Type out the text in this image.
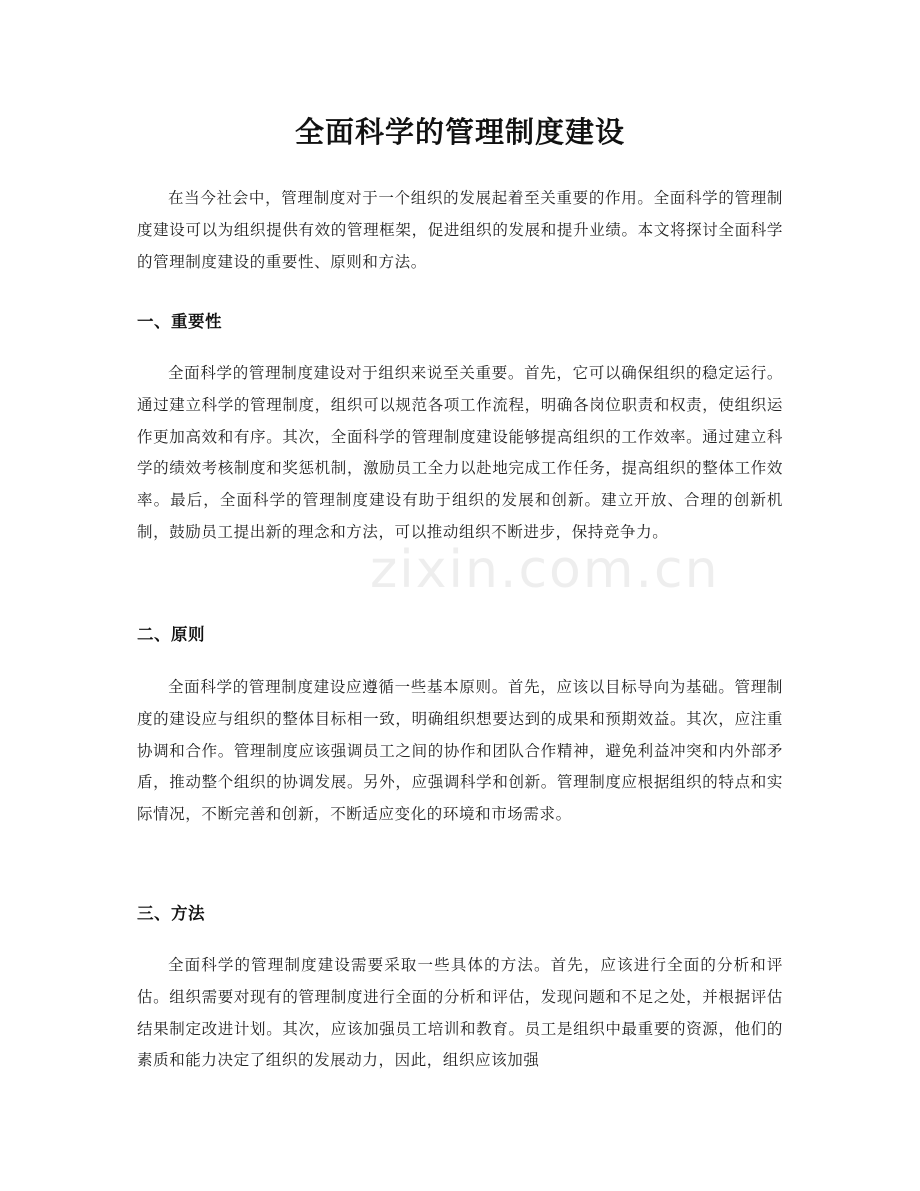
全面科学的管理制度建设

在当今社会中，管理制度对于一个组织的发展起着至关重要的作用。全面科学的管理制度建设可以为组织提供有效的管理框架，促进组织的发展和提升业绩。本文将探讨全面科学的管理制度建设的重要性、原则和方法。

一、重要性

全面科学的管理制度建设对于组织来说至关重要。首先，它可以确保组织的稳定运行。通过建立科学的管理制度，组织可以规范各项工作流程，明确各岗位职责和权责，使组织运作更加高效和有序。其次，全面科学的管理制度建设能够提高组织的工作效率。通过建立科学的绩效考核制度和奖惩机制，激励员工全力以赴地完成工作任务，提高组织的整体工作效率。最后，全面科学的管理制度建设有助于组织的发展和创新。建立开放、合理的创新机制，鼓励员工提出新的理念和方法，可以推动组织不断进步，保持竞争力。

二、原则

全面科学的管理制度建设应遵循一些基本原则。首先，应该以目标导向为基础。管理制度的建设应与组织的整体目标相一致，明确组织想要达到的成果和预期效益。其次，应注重协调和合作。管理制度应该强调员工之间的协作和团队合作精神，避免利益冲突和内外部矛盾，推动整个组织的协调发展。另外，应强调科学和创新。管理制度应根据组织的特点和实际情况，不断完善和创新，不断适应变化的环境和市场需求。

三、方法

全面科学的管理制度建设需要采取一些具体的方法。首先，应该进行全面的分析和评估。组织需要对现有的管理制度进行全面的分析和评估，发现问题和不足之处，并根据评估结果制定改进计划。其次，应该加强员工培训和教育。员工是组织中最重要的资源，他们的素质和能力决定了组织的发展动力，因此，组织应该加强

zixin.com.cn
